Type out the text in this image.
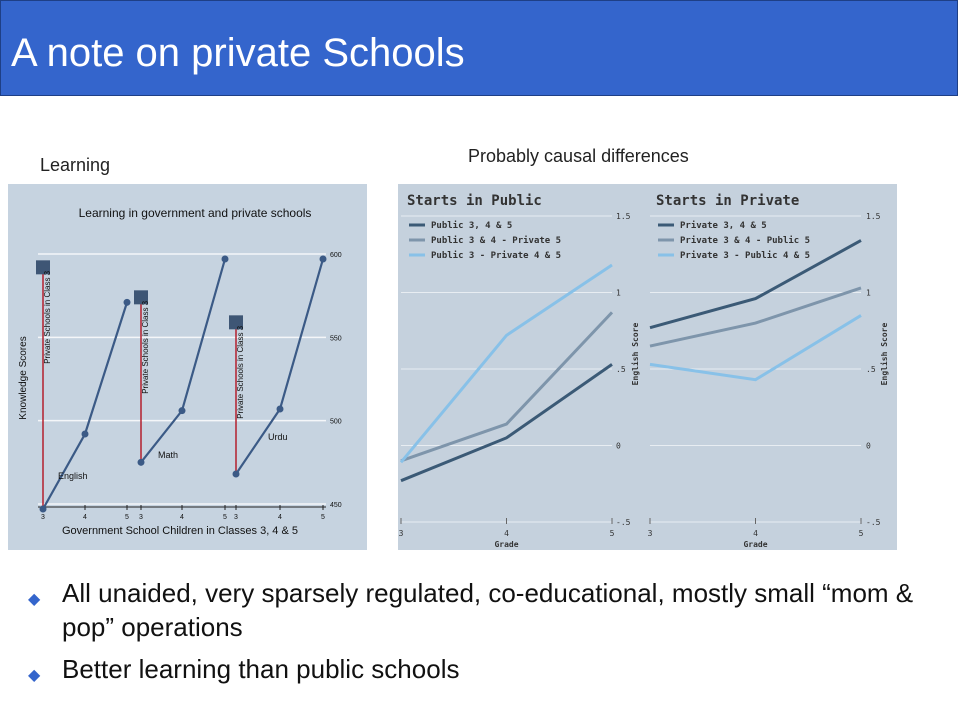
A note on private Schools
Learning	Probably causal differences
Learning in government and private schools
450
500
550
600
3	4	5
Private Schools in Class 3
English
3	4	5
Private Schools in Class 3
Math
3	4	5
Private Schools in Class 3
Urdu
Knowledge Scores
Government School Children in Classes 3, 4 & 5
-.5
0
.5
1
1.5
3	4	5
Grade
English Score
Starts in Public
Public 3, 4 & 5
Public 3 & 4 - Private 5
Public 3 - Private 4 & 5
-.5
0
.5
1
1.5
3	4	5
Grade
English Score
Starts in Private
Private 3, 4 & 5
Private 3 & 4 - Public 5
Private 3 - Public 4 & 5
◆ All unaided, very sparsely regulated, co-educational, mostly small “mom & pop” operations
◆ Better learning than public schools
